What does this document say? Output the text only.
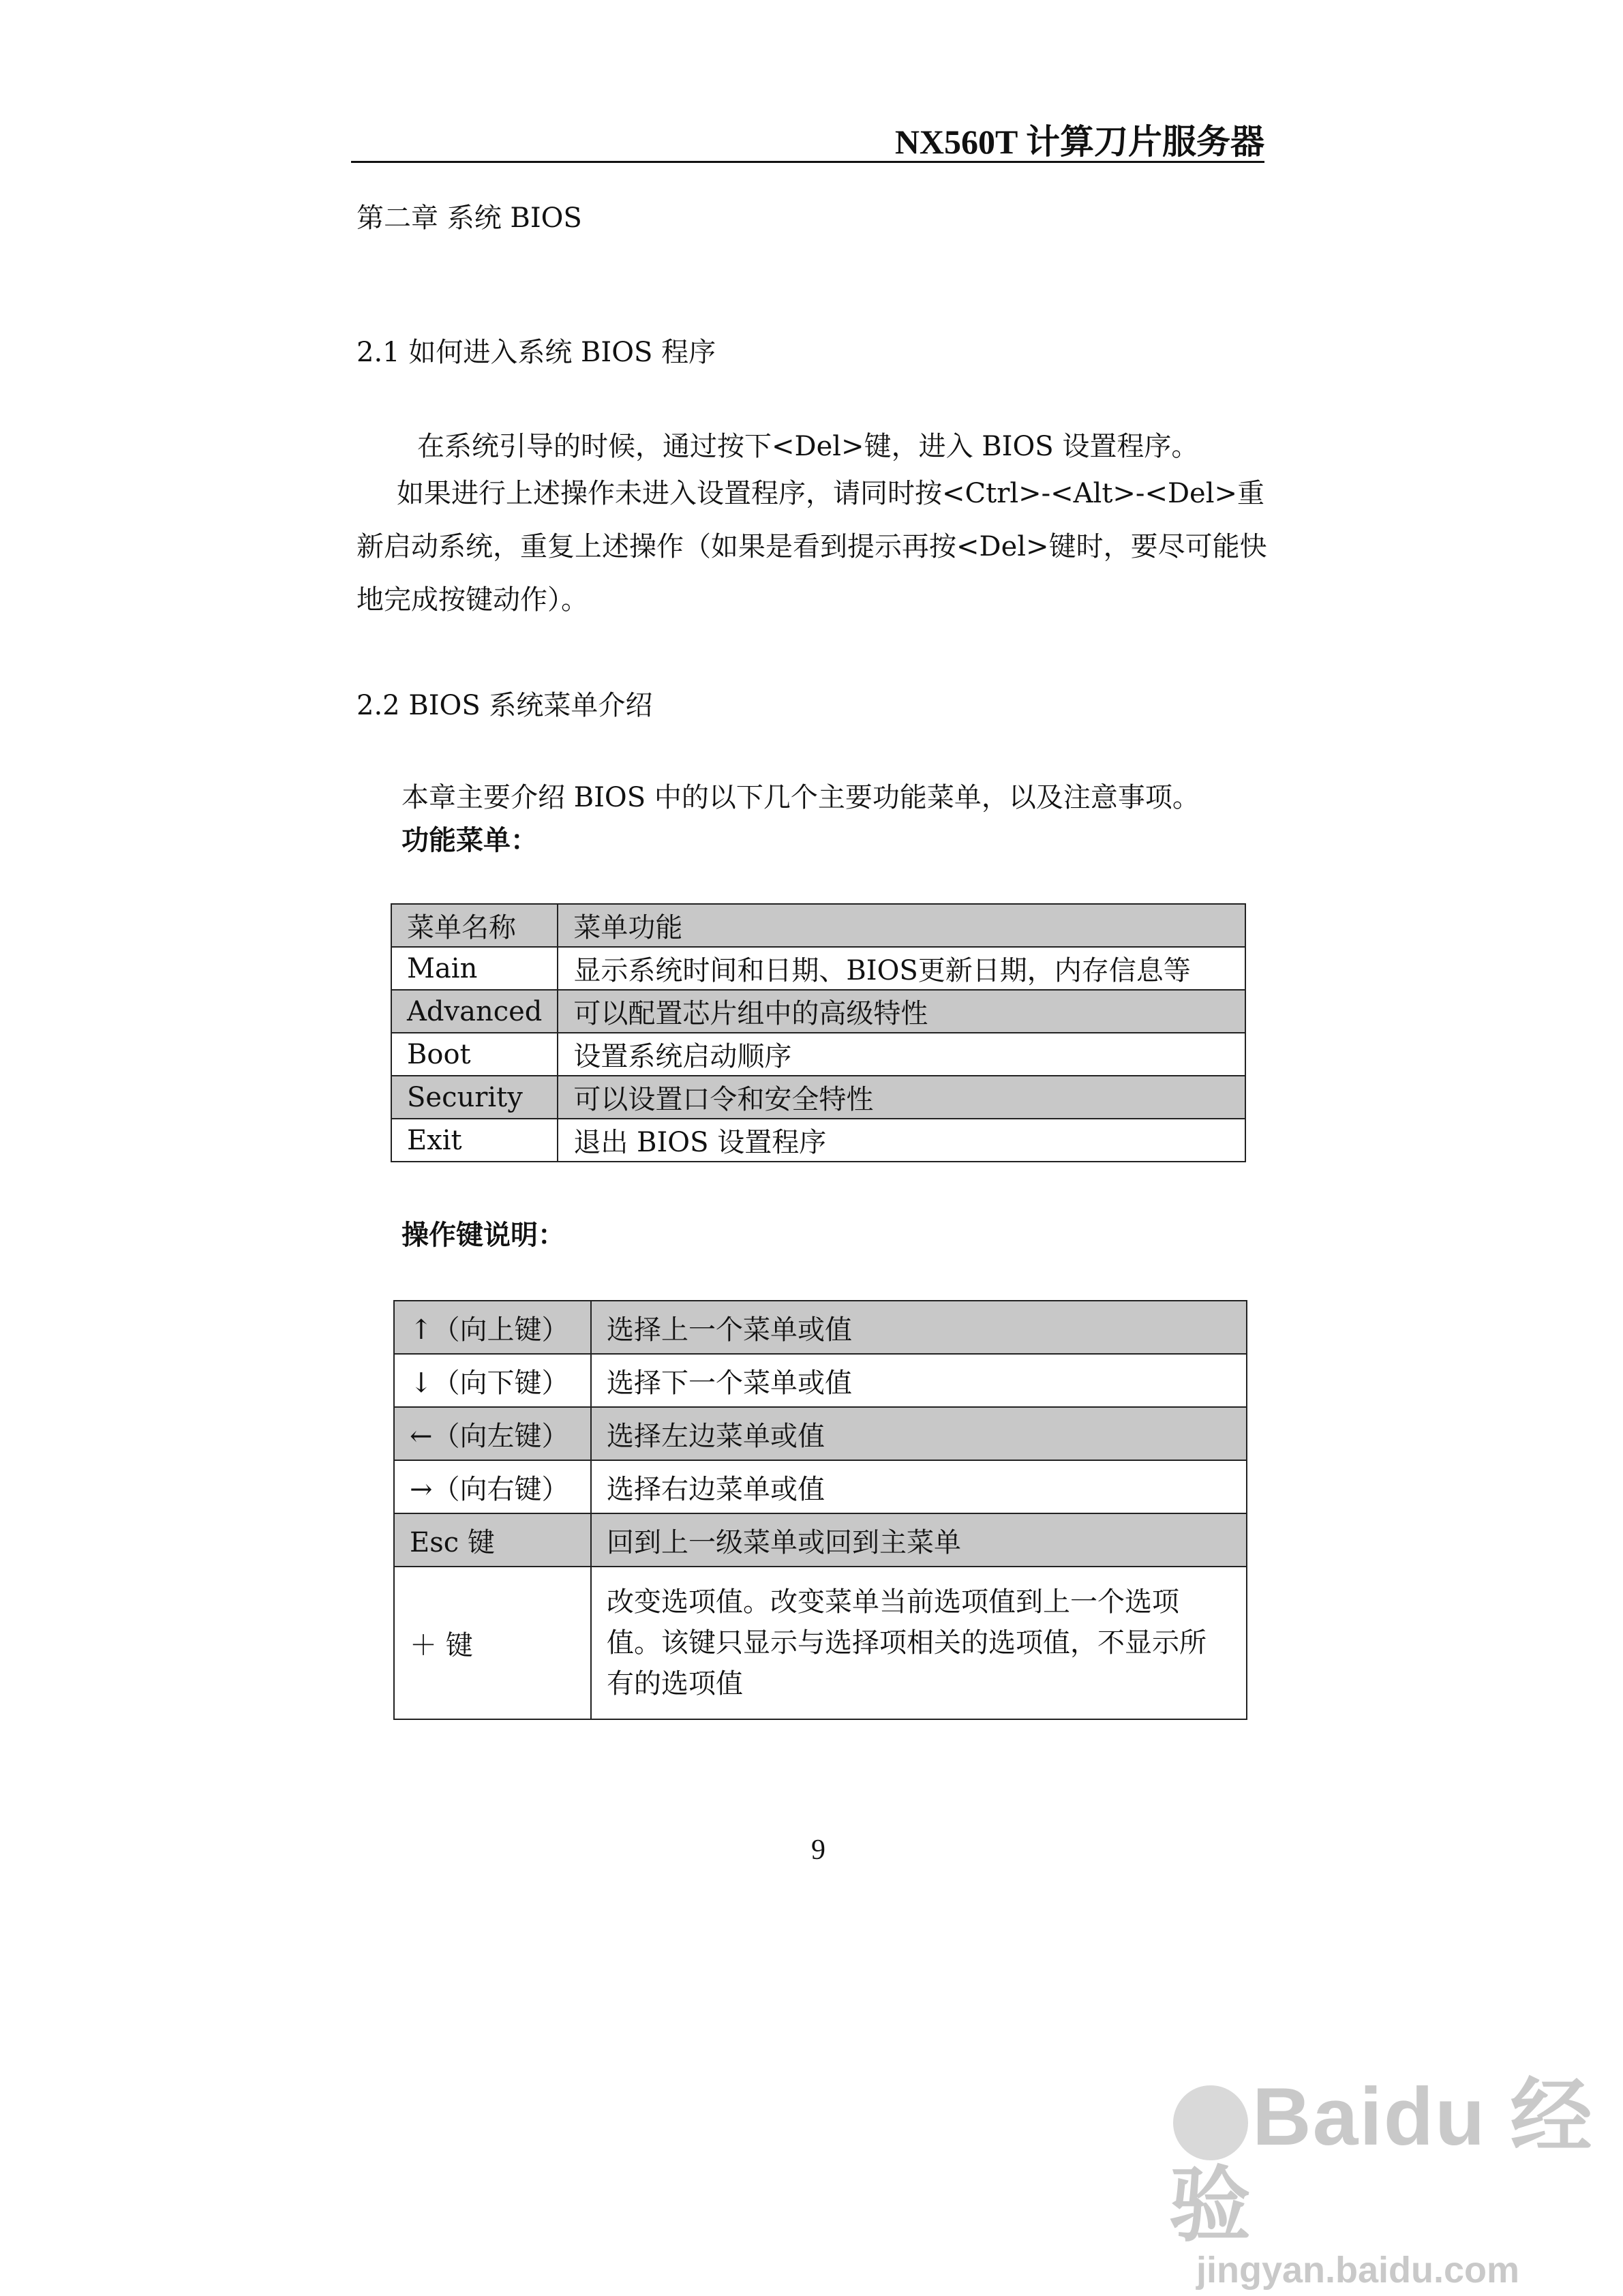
NX560T 计算刀片服务器
第二章 系统 BIOS
2.1 如何进入系统 BIOS 程序
在系统引导的时候，通过按下<Del>键，进入 BIOS 设置程序。
如果进行上述操作未进入设置程序，请同时按<Ctrl>-<Alt>-<Del>重
新启动系统，重复上述操作（如果是看到提示再按<Del>键时，要尽可能快
地完成按键动作）。
2.2 BIOS 系统菜单介绍
本章主要介绍 BIOS 中的以下几个主要功能菜单，以及注意事项。
功能菜单：
菜单名称	菜单功能
Main	显示系统时间和日期、BIOS更新日期，内存信息等
Advanced	可以配置芯片组中的高级特性
Boot	设置系统启动顺序
Security	可以设置口令和安全特性
Exit	退出 BIOS 设置程序
操作键说明：
↑（向上键）	选择上一个菜单或值
↓（向下键）	选择下一个菜单或值
←（向左键）	选择左边菜单或值
→（向右键）	选择右边菜单或值
Esc 键	回到上一级菜单或回到主菜单
＋ 键	改变选项值。改变菜单当前选项值到上一个选项值。该键只显示与选择项相关的选项值，不显示所有的选项值
9
Baidu 经验
jingyan.baidu.com
